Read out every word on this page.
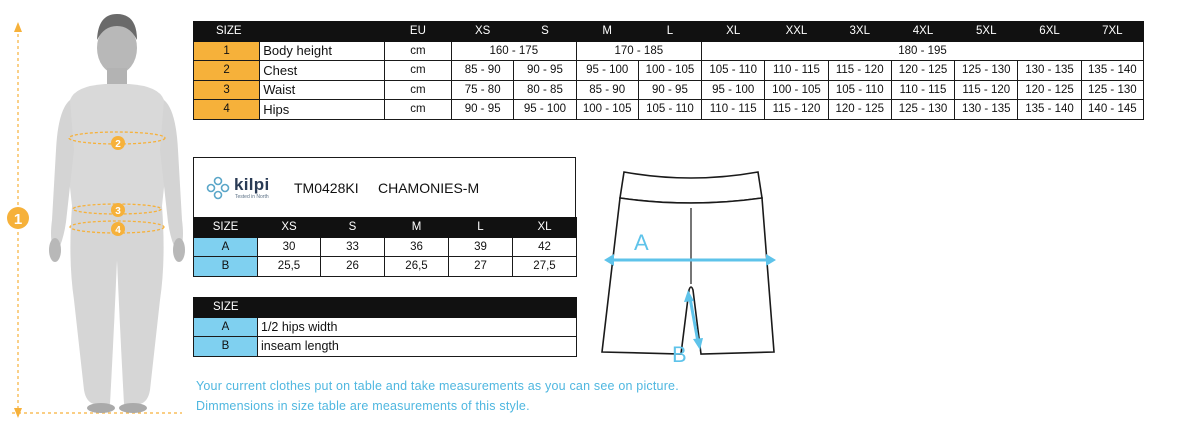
1
2
3
4
SIZE		EU	XS	S	M	L	XL	XXL	3XL	4XL	5XL	6XL	7XL
1	Body height	cm	160 - 175		170 - 185		180 - 195						
2	Chest	cm	85 - 90	90 - 95	95 - 100	100 - 105	105 - 110	110 - 115	115 - 120	120 - 125	125 - 130	130 - 135	135 - 140
3	Waist	cm	75 - 80	80 - 85	85 - 90	90 - 95	95 - 100	100 - 105	105 - 110	110 - 115	115 - 120	120 - 125	125 - 130
4	Hips	cm	90 - 95	95 - 100	100 - 105	105 - 110	110 - 115	115 - 120	120 - 125	125 - 130	130 - 135	135 - 140	140 - 145
kilpi
Tested in North
TM0428KI CHAMONIES-M
SIZE	XS	S	M	L	XL
A	30	33	36	39	42
B	25,5	26	26,5	27	27,5
SIZE	
A	1/2 hips width
B	inseam length
A
B
Your current clothes put on table and take measurements as you can see on picture.
Dimmensions in size table are measurements of this style.
